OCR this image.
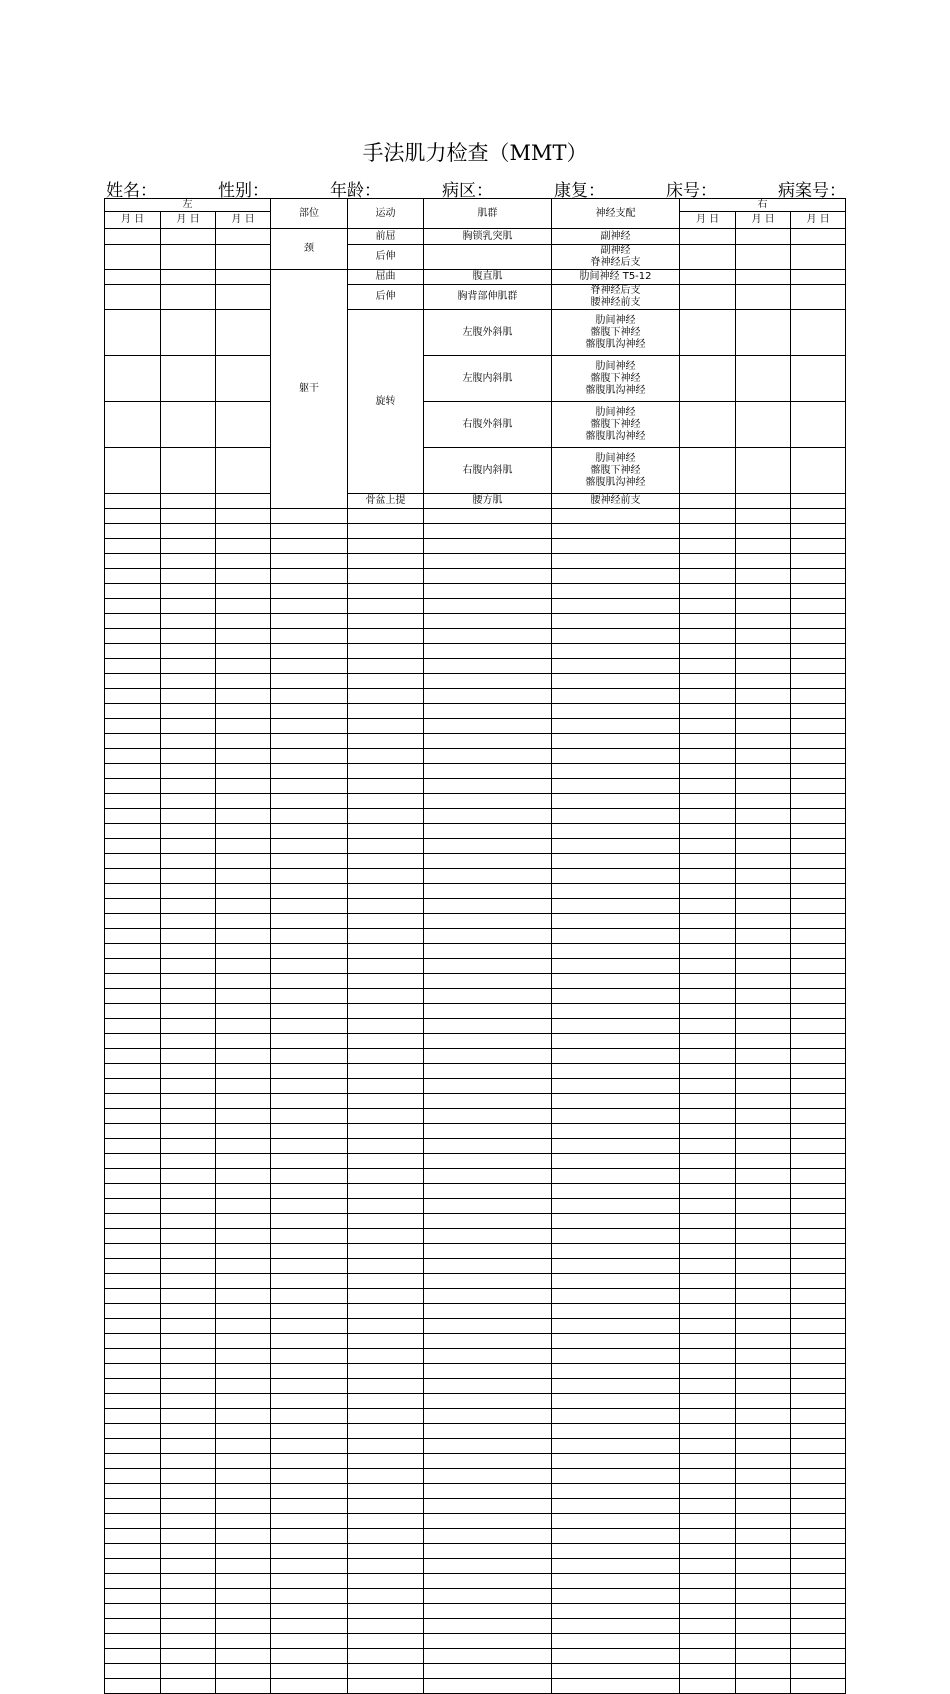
手法肌力检查（MMT）
姓名：	性别：	年龄：	病区：	康复：	床号：	病案号：
左			部位	运动	肌群	神经支配	右		
月 日	月 日	月 日					月 日	月 日	月 日
			颈	前屈	胸锁乳突肌	副神经			
				后伸		副神经
脊神经后支			
			躯干	屈曲	腹直肌	肋间神经 T5-12			
				后伸	胸背部伸肌群	脊神经后支
腰神经前支			
				旋转	左腹外斜肌	肋间神经
髂腹下神经
髂腹肌沟神经			
					左腹内斜肌	肋间神经
髂腹下神经
髂腹肌沟神经			
					右腹外斜肌	肋间神经
髂腹下神经
髂腹肌沟神经			
					右腹内斜肌	肋间神经
髂腹下神经
髂腹肌沟神经			
				骨盆上提	腰方肌	腰神经前支			
